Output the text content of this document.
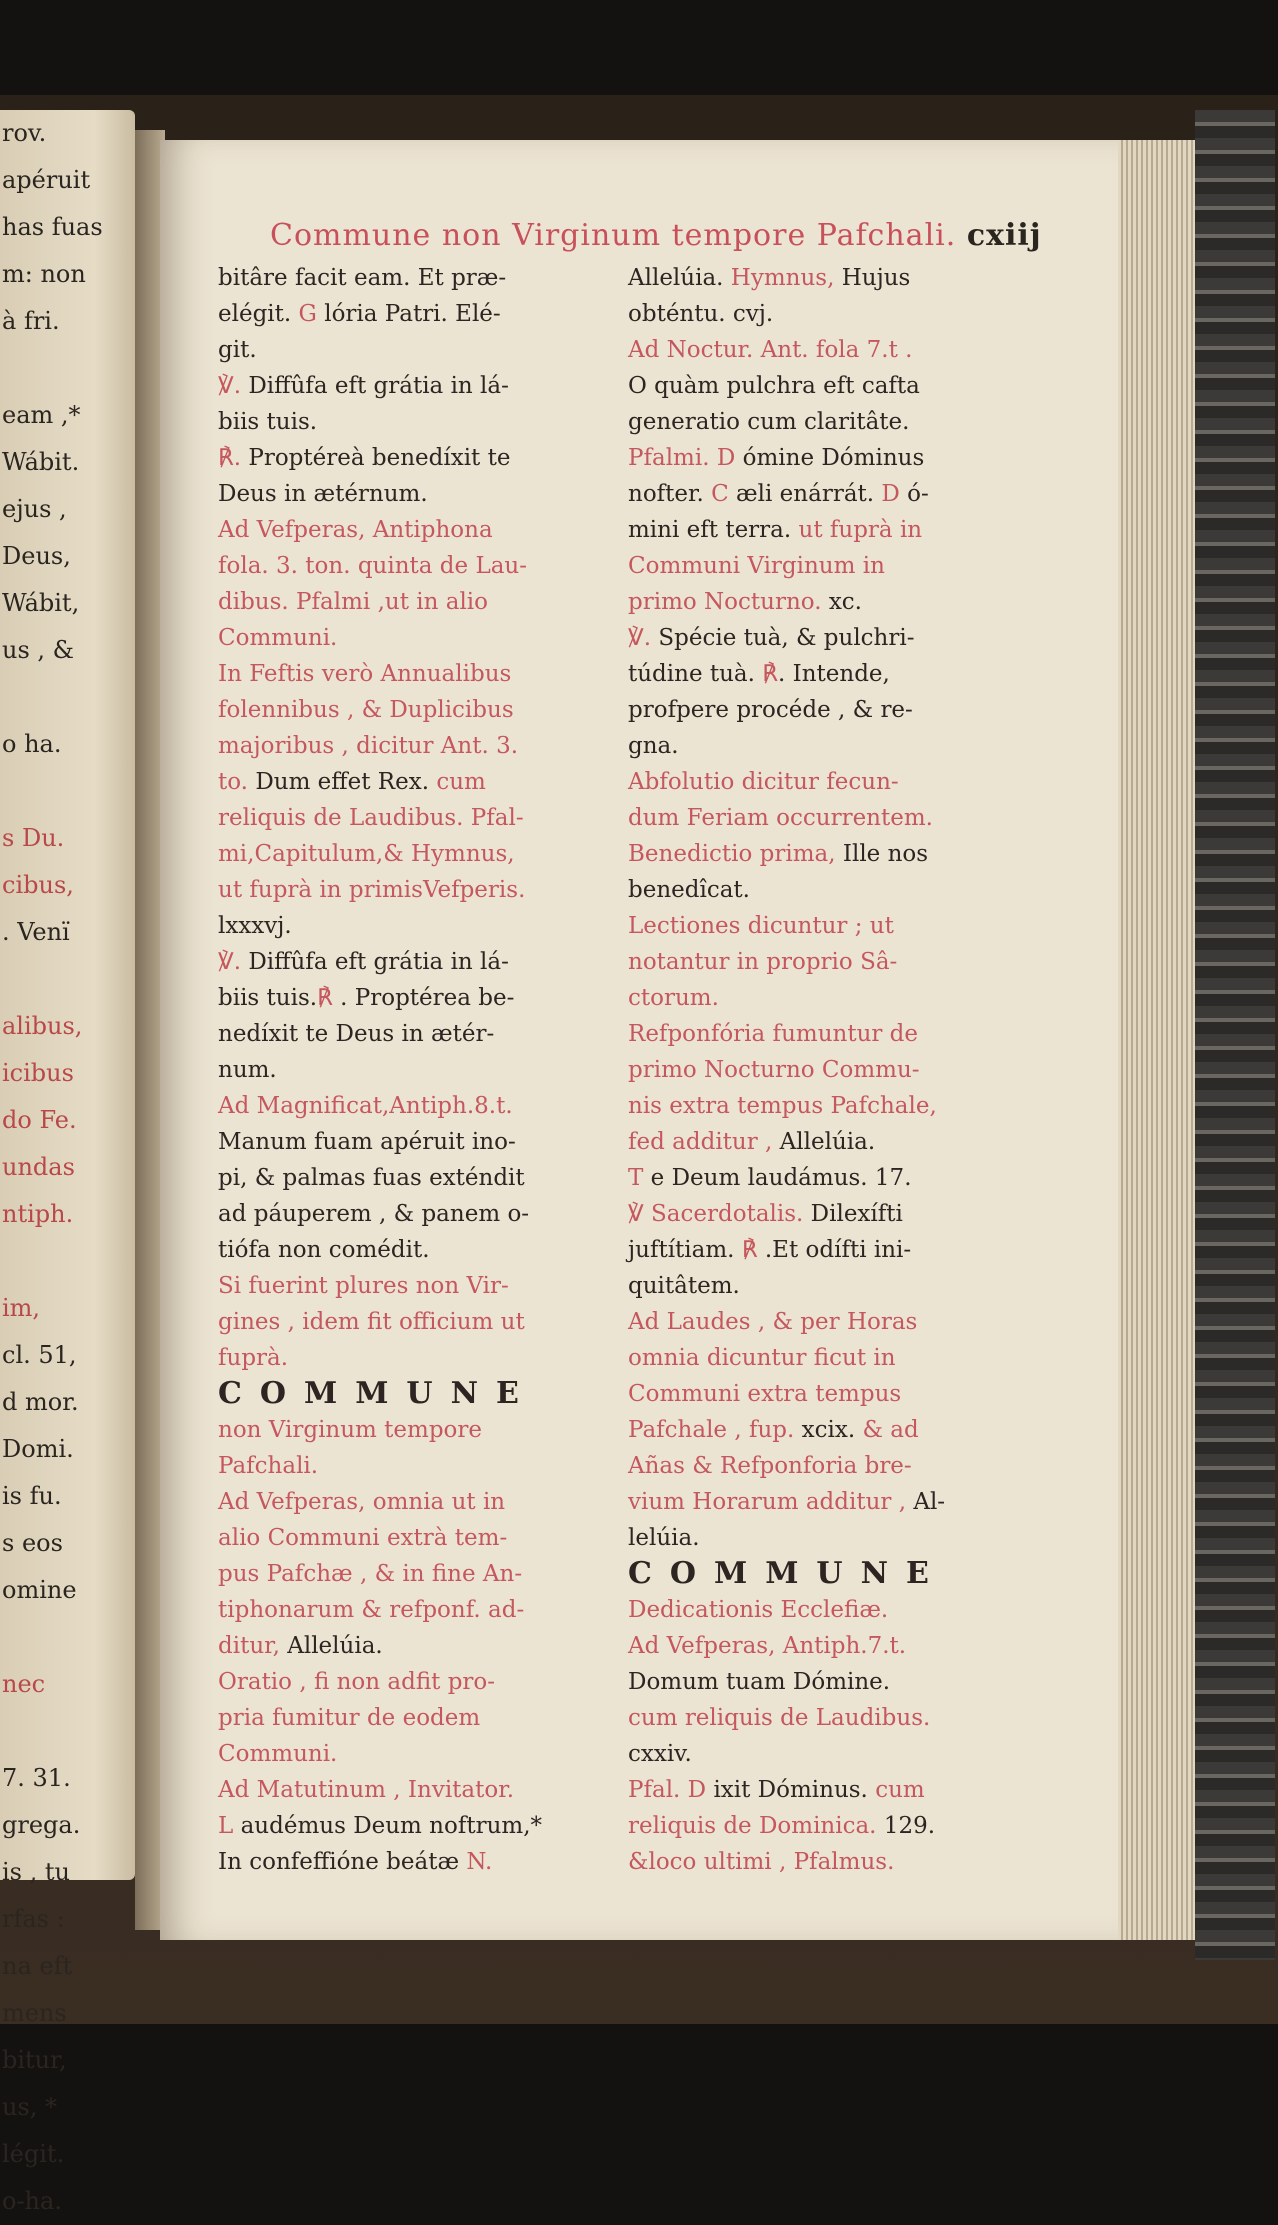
rov.
apéruit
has fuas
m: non
à fri.

eam ,*
Wábit.
ejus ,
Deus,
Wábit,
us , &

o ha.

s Du.
cibus,
. Venï

alibus,
icibus
do Fe.
undas
ntiph.

im,
cl. 51,
d mor.
Domi.
is fu.
s eos
omine

nec

7. 31.
grega.
is , tu
rfas :
na eft
mens
bitur,
us, *
légit.
o-ha.
Commune non Virginum tempore Pafchali. cxiij
bitâre facit eam. Et præ-
elégit. G lória Patri. Elé-
git.
℣. Diffûfa eft grátia in lá-
biis tuis.
℟. Proptéreà benedíxit te
Deus in ætérnum.
Ad Vefperas, Antiphona
fola. 3. ton. quinta de Lau-
dibus. Pfalmi ,ut in alio
Communi.
In Feftis verò Annualibus
folennibus , & Duplicibus
majoribus , dicitur Ant. 3.
to. Dum effet Rex. cum
reliquis de Laudibus. Pfal-
mi,Capitulum,& Hymnus,
ut fuprà in primisVefperis.
lxxxvj.
℣. Diffûfa eft grátia in lá-
biis tuis.℟ . Proptérea be-
nedíxit te Deus in ætér-
num.
Ad Magnificat,Antiph.8.t.
Manum fuam apéruit ino-
pi, & palmas fuas exténdit
ad páuperem , & panem o-
tiófa non comédit.
Si fuerint plures non Vir-
gines , idem fit officium ut
fuprà.
COMMUNE
non Virginum tempore
Pafchali.
Ad Vefperas, omnia ut in
alio Communi extrà tem-
pus Pafchæ , & in fine An-
tiphonarum & refponf. ad-
ditur, Allelúia.
Oratio , fi non adfit pro-
pria fumitur de eodem
Communi.
Ad Matutinum , Invitator.
L audémus Deum noftrum,*
In confeffióne beátæ N.
Allelúia. Hymnus, Hujus
obténtu. cvj.
Ad Noctur. Ant. fola 7.t .
O quàm pulchra eft cafta
generatio cum claritâte.
Pfalmi. D ómine Dóminus
nofter. C æli enárrát. D ó-
mini eft terra. ut fuprà in
Communi Virginum in
primo Nocturno. xc.
℣. Spécie tuà, & pulchri-
túdine tuà. ℟. Intende,
profpere procéde , & re-
gna.
Abfolutio dicitur fecun-
dum Feriam occurrentem.
Benedictio prima, Ille nos
benedîcat.
Lectiones dicuntur ; ut
notantur in proprio Sâ-
ctorum.
Refponfória fumuntur de
primo Nocturno Commu-
nis extra tempus Pafchale,
fed additur , Allelúia.
T e Deum laudámus. 17.
℣ Sacerdotalis. Dilexífti
juftítiam. ℟ .Et odífti ini-
quitâtem.
Ad Laudes , & per Horas
omnia dicuntur ficut in
Communi extra tempus
Pafchale , fup. xcix. & ad
Añas & Refponforia bre-
vium Horarum additur , Al-
lelúia.
COMMUNE
Dedicationis Ecclefiæ.
Ad Vefperas, Antiph.7.t.
Domum tuam Dómine.
cum reliquis de Laudibus.
cxxiv.
Pfal. D ixit Dóminus. cum
reliquis de Dominica. 129.
&loco ultimi , Pfalmus.
